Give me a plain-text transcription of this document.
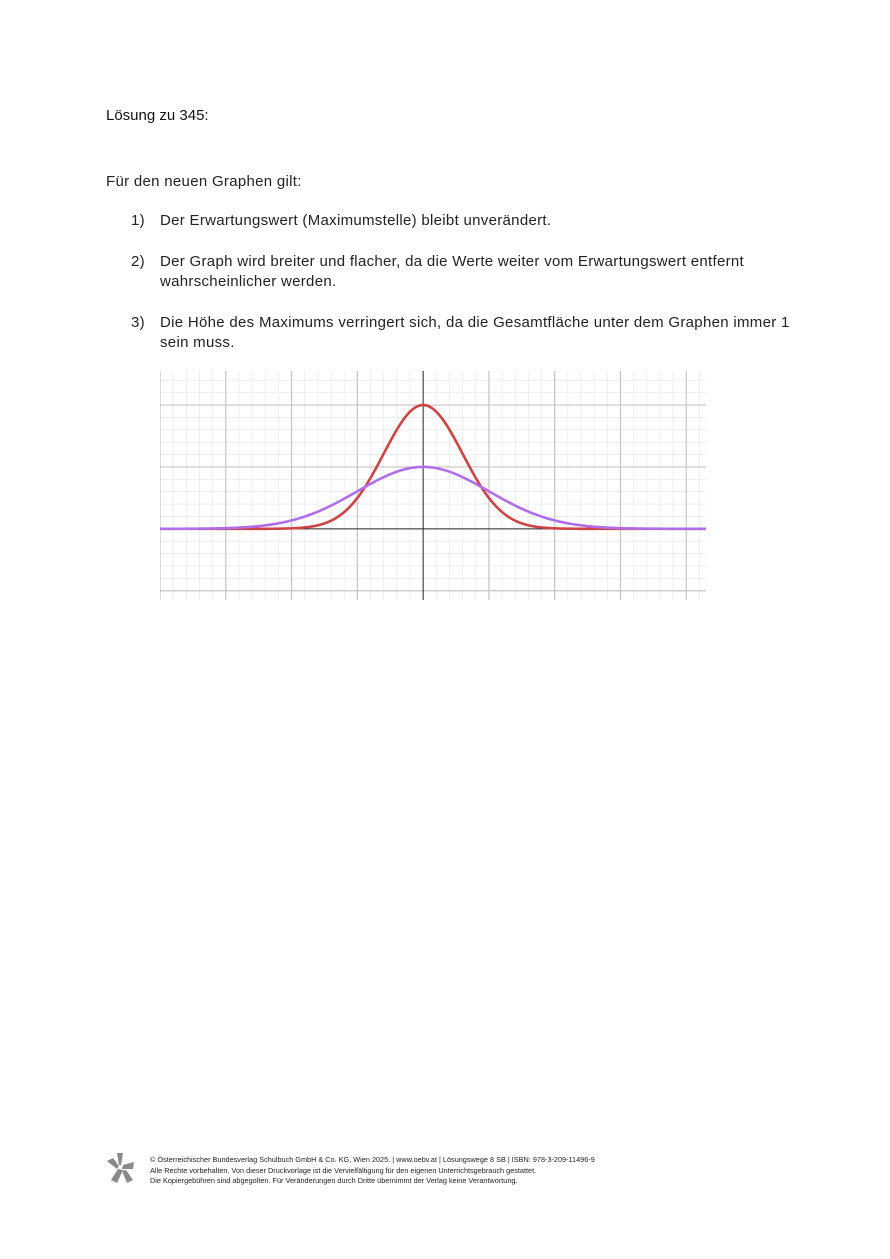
Lösung zu 345:
Für den neuen Graphen gilt:
1)	Der Erwartungswert (Maximumstelle) bleibt unverändert.
2)	Der Graph wird breiter und flacher, da die Werte weiter vom Erwartungswert entfernt wahrscheinlicher werden.
3)	Die Höhe des Maximums verringert sich, da die Gesamtfläche unter dem Graphen immer 1 sein muss.
© Österreichischer Bundesverlag Schulbuch GmbH & Co. KG, Wien 2025. | www.oebv.at | Lösungswege 8 SB | ISBN: 978-3-209-11496-9
Alle Rechte vorbehalten. Von dieser Druckvorlage ist die Vervielfältigung für den eigenen Unterrichtsgebrauch gestattet.
Die Kopiergebühren sind abgegolten. Für Veränderungen durch Dritte übernimmt der Verlag keine Verantwortung.
